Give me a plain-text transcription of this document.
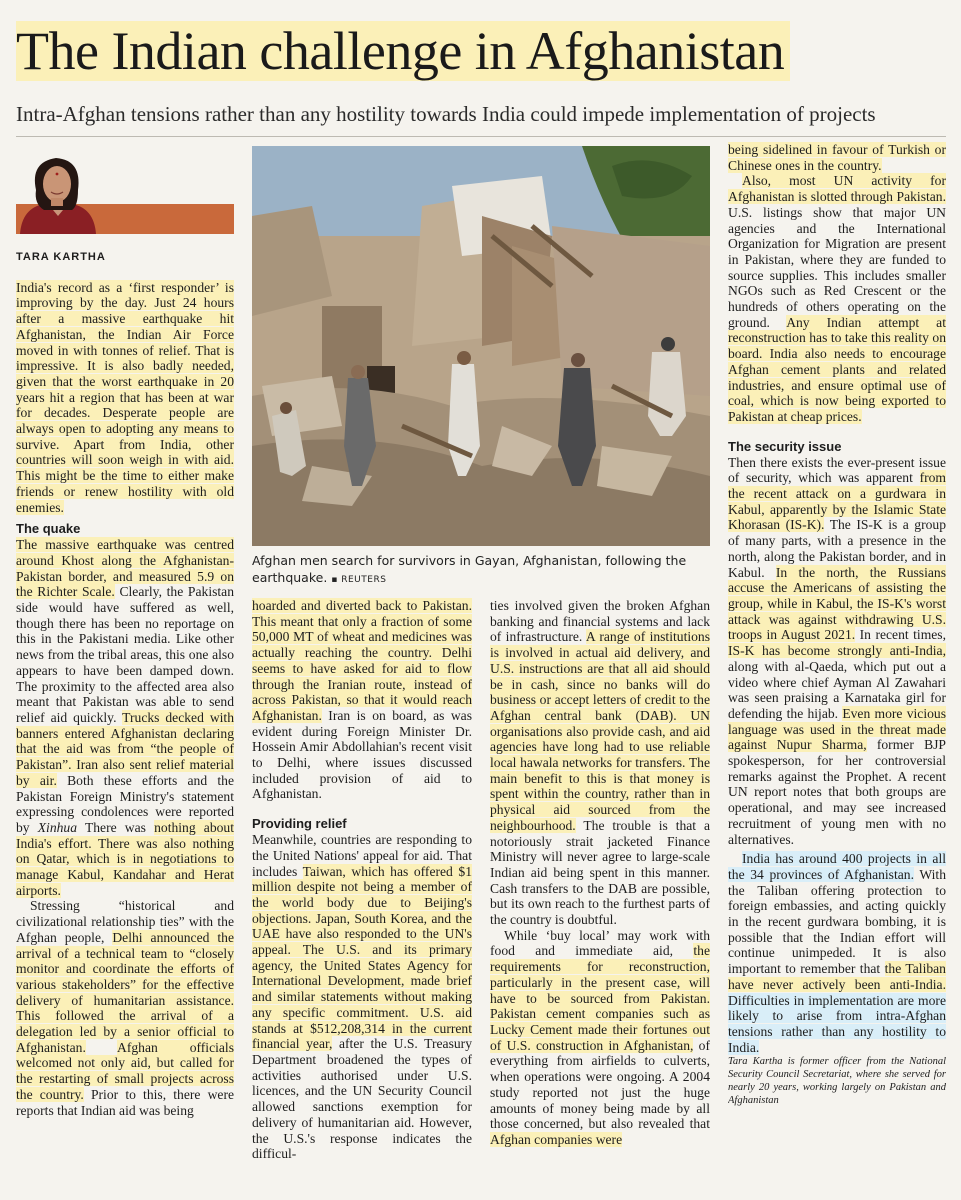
The Indian challenge in Afghanistan
Intra-Afghan tensions rather than any hostility towards India could impede implementation of projects
TARA KARTHA

India's record as a ‘first responder’ is improving by the day. Just 24 hours after a massive earthquake hit Afghanistan, the Indian Air Force moved in with tonnes of relief. That is impressive. It is also badly needed, given that the worst earthquake in 20 years hit a region that has been at war for decades. Desperate people are always open to adopting any means to survive. Apart from India, other countries will soon weigh in with aid. This might be the time to either make friends or renew hostility with old enemies.

The quake

The massive earthquake was centred around Khost along the Afghanistan-Pakistan border, and measured 5.9 on the Richter Scale. Clearly, the Pakistan side would have suffered as well, though there has been no reportage on this in the Pakistani media. Like other news from the tribal areas, this one also appears to have been damped down. The proximity to the affected area also meant that Pakistan was able to send relief aid quickly. Trucks decked with banners entered Afghanistan declaring that the aid was from “the people of Pakistan”. Iran also sent relief material by air. Both these efforts and the Pakistan Foreign Ministry's statement expressing condolences were reported by Xinhua There was nothing about India's effort. There was also nothing on Qatar, which is in negotiations to manage Kabul, Kandahar and Herat airports.

Stressing “historical and civilizational relationship ties” with the Afghan people, Delhi announced the arrival of a technical team to “closely monitor and coordinate the efforts of various stakeholders” for the effective delivery of humanitarian assistance. This followed the arrival of a delegation led by a senior official to Afghanistan. Afghan officials welcomed not only aid, but called for the restarting of small projects across the country. Prior to this, there were reports that Indian aid was being

Afghan men search for survivors in Gayan, Afghanistan, following the earthquake. ▪ REUTERS

hoarded and diverted back to Pakistan. This meant that only a fraction of some 50,000 MT of wheat and medicines was actually reaching the country. Delhi seems to have asked for aid to flow through the Iranian route, instead of across Pakistan, so that it would reach Afghanistan. Iran is on board, as was evident during Foreign Minister Dr. Hossein Amir Abdollahian's recent visit to Delhi, where issues discussed included provision of aid to Afghanistan.

Providing relief

Meanwhile, countries are responding to the United Nations' appeal for aid. That includes Taiwan, which has offered $1 million despite not being a member of the world body due to Beijing's objections. Japan, South Korea, and the UAE have also responded to the UN's appeal. The U.S. and its primary agency, the United States Agency for International Development, made brief and similar statements without making any specific commitment. U.S. aid stands at $512,208,314 in the current financial year, after the U.S. Treasury Department broadened the types of activities authorised under U.S. licences, and the UN Security Council allowed sanctions exemption for delivery of humanitarian aid. However, the U.S.'s response indicates the difficul-

ties involved given the broken Afghan banking and financial systems and lack of infrastructure. A range of institutions is involved in actual aid delivery, and U.S. instructions are that all aid should be in cash, since no banks will do business or accept letters of credit to the Afghan central bank (DAB). UN organisations also provide cash, and aid agencies have long had to use reliable local hawala networks for transfers. The main benefit to this is that money is spent within the country, rather than in physical aid sourced from the neighbourhood. The trouble is that a notoriously strait jacketed Finance Ministry will never agree to large-scale Indian aid being spent in this manner. Cash transfers to the DAB are possible, but its own reach to the furthest parts of the country is doubtful.

While ‘buy local’ may work with food and immediate aid, the requirements for reconstruction, particularly in the present case, will have to be sourced from Pakistan. Pakistan cement companies such as Lucky Cement made their fortunes out of U.S. construction in Afghanistan, of everything from airfields to culverts, when operations were ongoing. A 2004 study reported not just the huge amounts of money being made by all those concerned, but also revealed that Afghan companies were

being sidelined in favour of Turkish or Chinese ones in the country.

Also, most UN activity for Afghanistan is slotted through Pakistan. U.S. listings show that major UN agencies and the International Organization for Migration are present in Pakistan, where they are funded to source supplies. This includes smaller NGOs such as Red Crescent or the hundreds of others operating on the ground. Any Indian attempt at reconstruction has to take this reality on board. India also needs to encourage Afghan cement plants and related industries, and ensure optimal use of coal, which is now being exported to Pakistan at cheap prices.

The security issue

Then there exists the ever-present issue of security, which was apparent from the recent attack on a gurdwara in Kabul, apparently by the Islamic State Khorasan (IS-K). The IS-K is a group of many parts, with a presence in the north, along the Pakistan border, and in Kabul. In the north, the Russians accuse the Americans of assisting the group, while in Kabul, the IS-K's worst attack was against withdrawing U.S. troops in August 2021. In recent times, IS-K has become strongly anti-India, along with al-Qaeda, which put out a video where chief Ayman Al Zawahari was seen praising a Karnataka girl for defending the hijab. Even more vicious language was used in the threat made against Nupur Sharma, former BJP spokesperson, for her controversial remarks against the Prophet. A recent UN report notes that both groups are operational, and may see increased recruitment of young men with no alternatives.

India has around 400 projects in all the 34 provinces of Afghanistan. With the Taliban offering protection to foreign embassies, and acting quickly in the recent gurdwara bombing, it is possible that the Indian effort will continue unimpeded. It is also important to remember that the Taliban have never actively been anti-India. Difficulties in implementation are more likely to arise from intra-Afghan tensions rather than any hostility to India.

Tara Kartha is former officer from the National Security Council Secretariat, where she served for nearly 20 years, working largely on Pakistan and Afghanistan
